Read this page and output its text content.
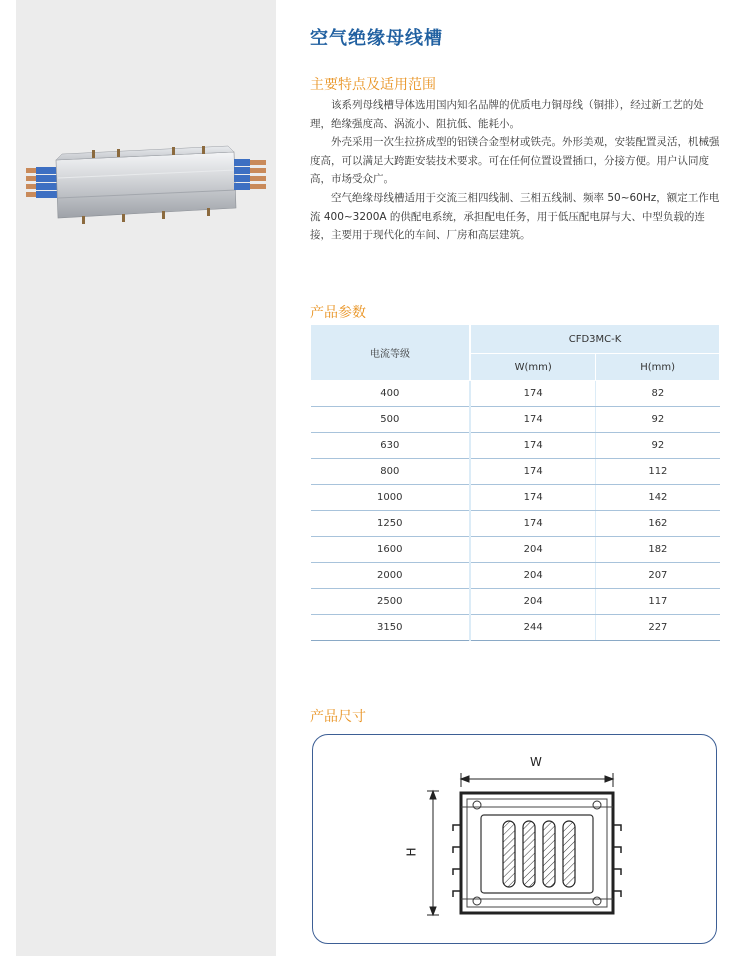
空气绝缘母线槽
主要特点及适用范围

该系列母线槽导体选用国内知名品牌的优质电力铜母线（铜排），经过新工艺的处理，绝缘强度高、涡流小、阻抗低、能耗小。

外壳采用一次生拉挤成型的铝镁合金型材或铁壳。外形美观，安装配置灵活，机械强度高，可以满足大跨距安装技术要求。可在任何位置设置插口，分接方便。用户认同度高，市场受众广。

空气绝缘母线槽适用于交流三相四线制、三相五线制、频率 50~60Hz，额定工作电流 400~3200A 的供配电系统，承担配电任务，用于低压配电屏与大、中型负载的连接，主要用于现代化的车间、厂房和高层建筑。

产品参数
电流等级	CFD3MC-K	
	W(mm)	H(mm)
400	174	82
500	174	92
630	174	92
800	174	112
1000	174	142
1250	174	162
1600	204	182
2000	204	207
2500	204	117
3150	244	227
产品尺寸
W
H
